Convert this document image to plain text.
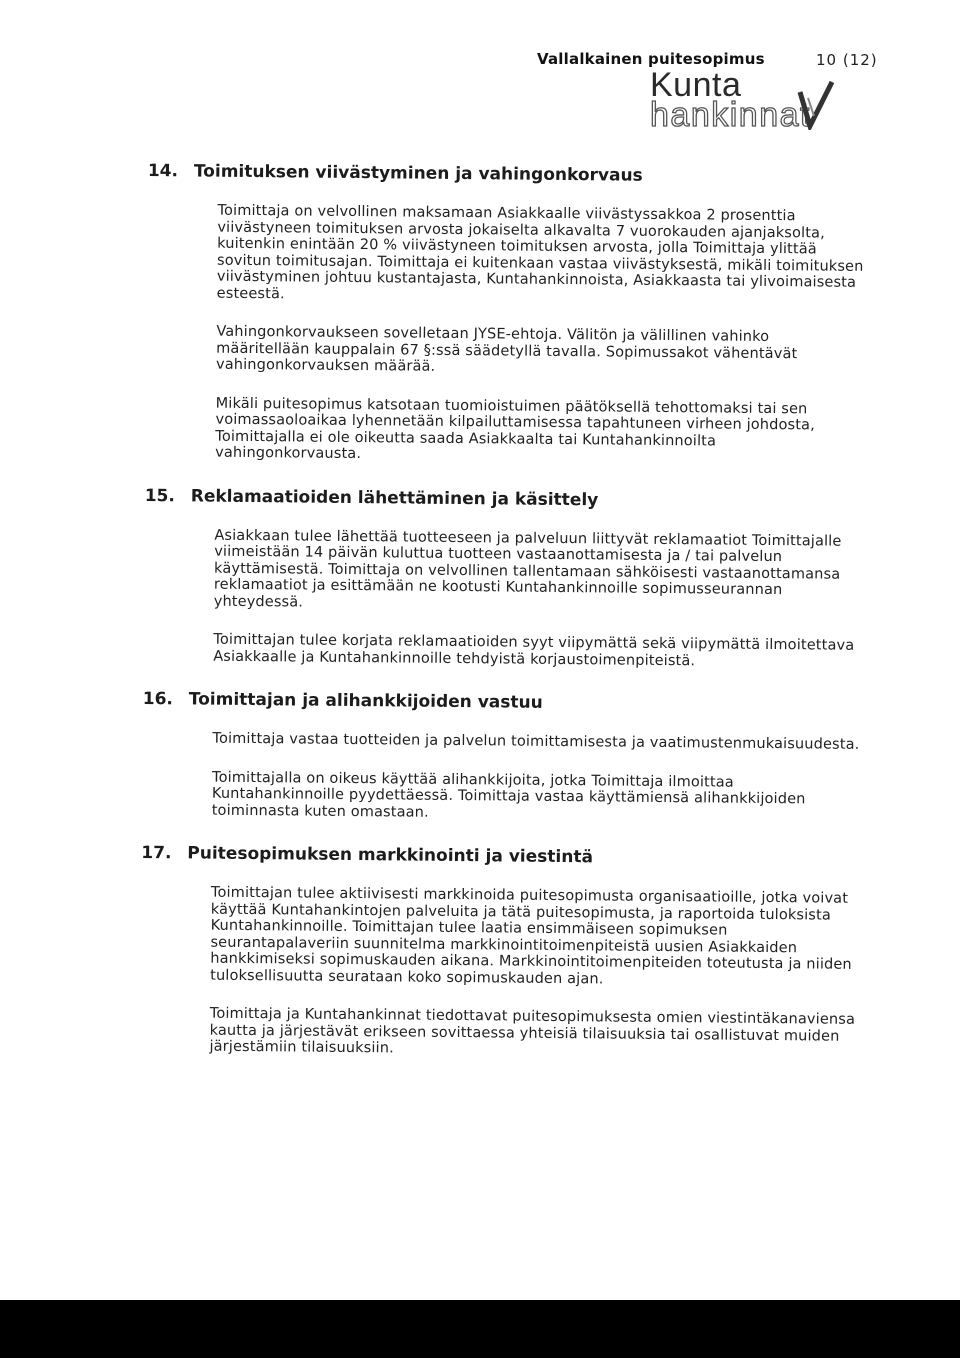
Vallalkainen puitesopimus	10 (12)
Kunta
hankinnat
14. Toimituksen viivästyminen ja vahingonkorvaus

Toimittaja on velvollinen maksamaan Asiakkaalle viivästyssakkoa 2 prosenttia viivästyneen toimituksen arvosta jokaiselta alkavalta 7 vuorokauden ajanjaksolta, kuitenkin enintään 20 % viivästyneen toimituksen arvosta, jolla Toimittaja ylittää sovitun toimitusajan. Toimittaja ei kuitenkaan vastaa viivästyksestä, mikäli toimituksen viivästyminen johtuu kustantajasta, Kuntahankinnoista, Asiakkaasta tai ylivoimaisesta esteestä.

Vahingonkorvaukseen sovelletaan JYSE-ehtoja. Välitön ja välillinen vahinko määritellään kauppalain 67 §:ssä säädetyllä tavalla. Sopimussakot vähentävät vahingonkorvauksen määrää.

Mikäli puitesopimus katsotaan tuomioistuimen päätöksellä tehottomaksi tai sen voimassaoloaikaa lyhennetään kilpailuttamisessa tapahtuneen virheen johdosta, Toimittajalla ei ole oikeutta saada Asiakkaalta tai Kuntahankinnoilta vahingonkorvausta.

15. Reklamaatioiden lähettäminen ja käsittely

Asiakkaan tulee lähettää tuotteeseen ja palveluun liittyvät reklamaatiot Toimittajalle viimeistään 14 päivän kuluttua tuotteen vastaanottamisesta ja / tai palvelun käyttämisestä. Toimittaja on velvollinen tallentamaan sähköisesti vastaanottamansa reklamaatiot ja esittämään ne kootusti Kuntahankinnoille sopimusseurannan yhteydessä.

Toimittajan tulee korjata reklamaatioiden syyt viipymättä sekä viipymättä ilmoitettava Asiakkaalle ja Kuntahankinnoille tehdyistä korjaustoimenpiteistä.

16. Toimittajan ja alihankkijoiden vastuu

Toimittaja vastaa tuotteiden ja palvelun toimittamisesta ja vaatimustenmukaisuudesta.

Toimittajalla on oikeus käyttää alihankkijoita, jotka Toimittaja ilmoittaa Kuntahankinnoille pyydettäessä. Toimittaja vastaa käyttämiensä alihankkijoiden toiminnasta kuten omastaan.

17. Puitesopimuksen markkinointi ja viestintä

Toimittajan tulee aktiivisesti markkinoida puitesopimusta organisaatioille, jotka voivat käyttää Kuntahankintojen palveluita ja tätä puitesopimusta, ja raportoida tuloksista Kuntahankinnoille. Toimittajan tulee laatia ensimmäiseen sopimuksen seurantapalaveriin suunnitelma markkinointitoimenpiteistä uusien Asiakkaiden hankkimiseksi sopimuskauden aikana. Markkinointitoimenpiteiden toteutusta ja niiden tuloksellisuutta seurataan koko sopimuskauden ajan.

Toimittaja ja Kuntahankinnat tiedottavat puitesopimuksesta omien viestintäkanaviensa kautta ja järjestävät erikseen sovittaessa yhteisiä tilaisuuksia tai osallistuvat muiden järjestämiin tilaisuuksiin.
